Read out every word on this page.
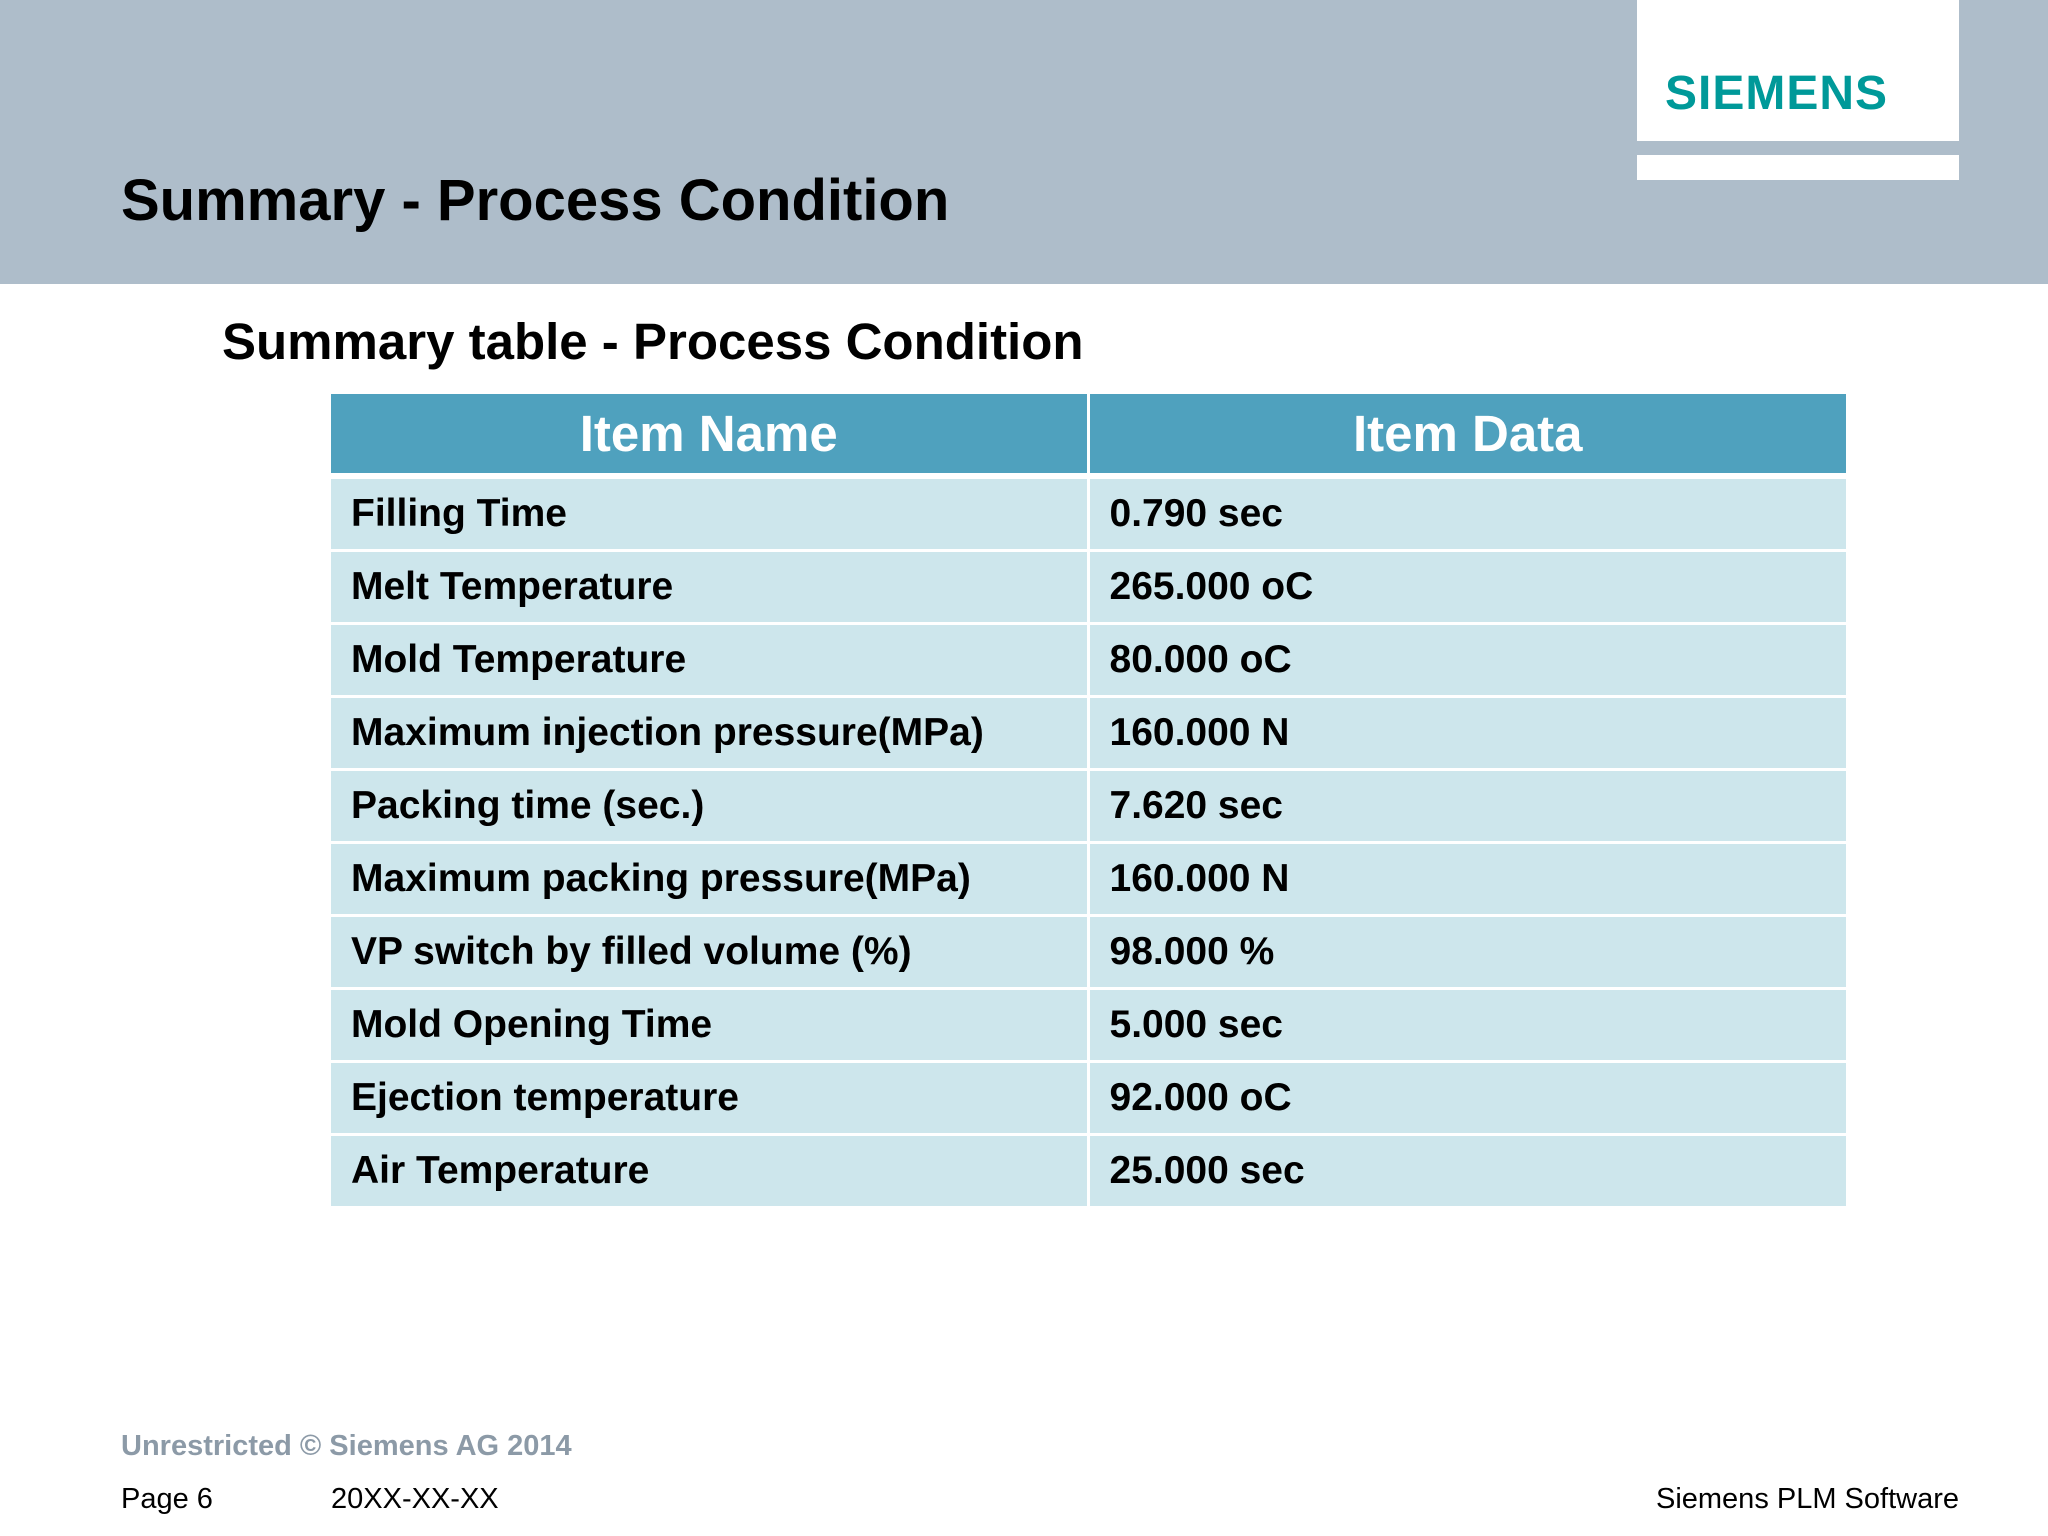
SIEMENS
Summary - Process Condition
Summary table - Process Condition
Item Name	Item Data
Filling Time	0.790 sec
Melt Temperature	265.000 oC
Mold Temperature	80.000 oC
Maximum injection pressure(MPa)	160.000 N
Packing time (sec.)	7.620 sec
Maximum packing pressure(MPa)	160.000 N
VP switch by filled volume (%)	98.000 %
Mold Opening Time	5.000 sec
Ejection temperature	92.000 oC
Air Temperature	25.000 sec
Unrestricted © Siemens AG 2014
Page 6	20XX-XX-XX	Siemens PLM Software
